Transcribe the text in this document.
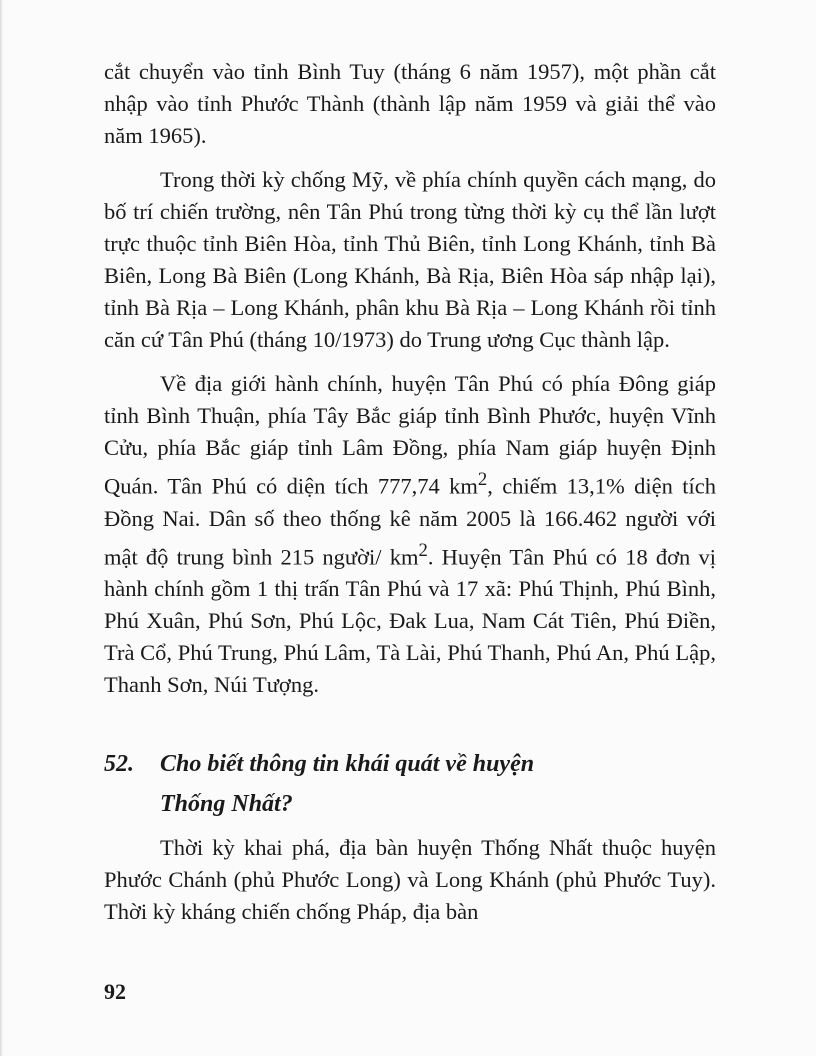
cắt chuyển vào tỉnh Bình Tuy (tháng 6 năm 1957), một phần cắt nhập vào tỉnh Phước Thành (thành lập năm 1959 và giải thể vào năm 1965).

Trong thời kỳ chống Mỹ, về phía chính quyền cách mạng, do bố trí chiến trường, nên Tân Phú trong từng thời kỳ cụ thể lần lượt trực thuộc tỉnh Biên Hòa, tỉnh Thủ Biên, tỉnh Long Khánh, tỉnh Bà Biên, Long Bà Biên (Long Khánh, Bà Rịa, Biên Hòa sáp nhập lại), tỉnh Bà Rịa – Long Khánh, phân khu Bà Rịa – Long Khánh rồi tỉnh căn cứ Tân Phú (tháng 10/1973) do Trung ương Cục thành lập.

Về địa giới hành chính, huyện Tân Phú có phía Đông giáp tỉnh Bình Thuận, phía Tây Bắc giáp tỉnh Bình Phước, huyện Vĩnh Cửu, phía Bắc giáp tỉnh Lâm Đồng, phía Nam giáp huyện Định Quán. Tân Phú có diện tích 777,74 $km^2$, chiếm 13,1% diện tích Đồng Nai. Dân số theo thống kê năm 2005 là 166.462 người với mật độ trung bình 215 người/ $km^2$. Huyện Tân Phú có 18 đơn vị hành chính gồm 1 thị trấn Tân Phú và 17 xã: Phú Thịnh, Phú Bình, Phú Xuân, Phú Sơn, Phú Lộc, Đak Lua, Nam Cát Tiên, Phú Điền, Trà Cổ, Phú Trung, Phú Lâm, Tà Lài, Phú Thanh, Phú An, Phú Lập, Thanh Sơn, Núi Tượng.

52. Cho biết thông tin khái quát về huyện
Thống Nhất?

Thời kỳ khai phá, địa bàn huyện Thống Nhất thuộc huyện Phước Chánh (phủ Phước Long) và Long Khánh (phủ Phước Tuy). Thời kỳ kháng chiến chống Pháp, địa bàn

92
